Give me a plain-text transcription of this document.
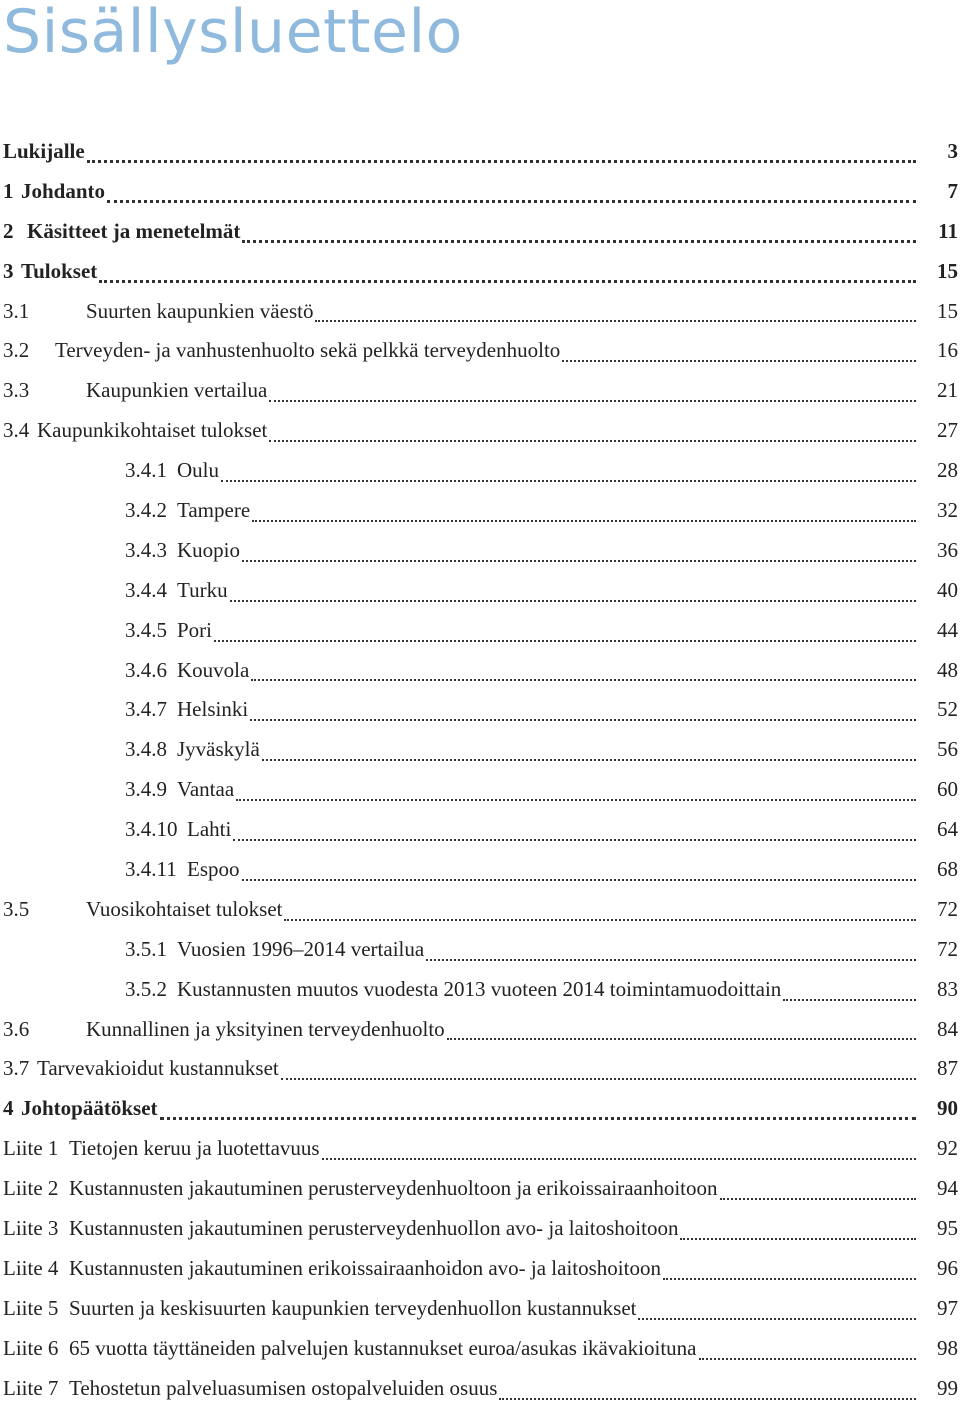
Sisällysluettelo
Lukijalle	3
1 Johdanto	7
2 Käsitteet ja menetelmät	11
3 Tulokset	15
3.1	Suurten kaupunkien väestö	15
3.2	Terveyden- ja vanhustenhuolto sekä pelkkä terveydenhuolto	16
3.3	Kaupunkien vertailua	21
3.4 Kaupunkikohtaiset tulokset	27
3.4.1 Oulu	28
3.4.2 Tampere	32
3.4.3 Kuopio	36
3.4.4 Turku	40
3.4.5 Pori	44
3.4.6 Kouvola	48
3.4.7 Helsinki	52
3.4.8 Jyväskylä	56
3.4.9 Vantaa	60
3.4.10 Lahti	64
3.4.11 Espoo	68
3.5	Vuosikohtaiset tulokset	72
3.5.1 Vuosien 1996–2014 vertailua	72
3.5.2 Kustannusten muutos vuodesta 2013 vuoteen 2014 toimintamuodoittain	83
3.6	Kunnallinen ja yksityinen terveydenhuolto	84
3.7 Tarvevakioidut kustannukset	87
4 Johtopäätökset	90
Liite 1 Tietojen keruu ja luotettavuus	92
Liite 2 Kustannusten jakautuminen perusterveydenhuoltoon ja erikoissairaanhoitoon	94
Liite 3 Kustannusten jakautuminen perusterveydenhuollon avo- ja laitoshoitoon	95
Liite 4 Kustannusten jakautuminen erikoissairaanhoidon avo- ja laitoshoitoon	96
Liite 5 Suurten ja keskisuurten kaupunkien terveydenhuollon kustannukset	97
Liite 6 65 vuotta täyttäneiden palvelujen kustannukset euroa/asukas ikävakioituna	98
Liite 7 Tehostetun palveluasumisen ostopalveluiden osuus	99
